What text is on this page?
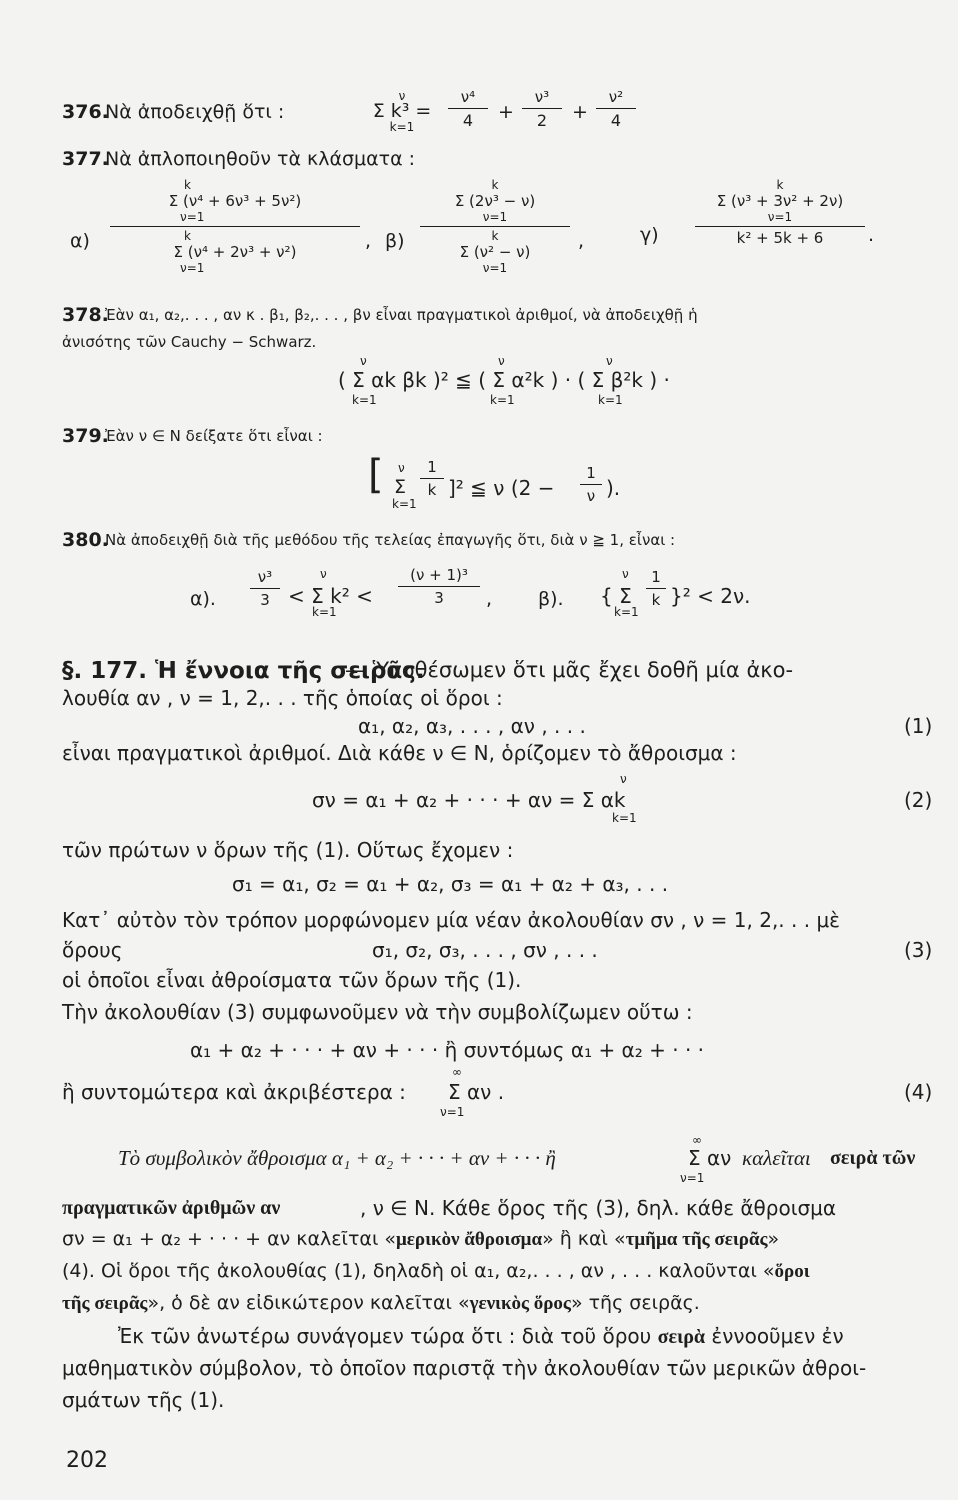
376.
Νὰ ἀποδειχθῇ ὅτι :
ν
Σ k³ =
k=1
ν⁴
4	+
ν³
2	+
ν²
4
377.
Νὰ ἀπλοποιηθοῦν τὰ κλάσματα :
α)
k
Σ (ν⁴ + 6ν³ + 5ν²)
ν=1
k
Σ (ν⁴ + 2ν³ + ν²)
ν=1
, β)
k
Σ (2ν³ − ν)
ν=1
k
Σ (ν² − ν)
ν=1
,	γ)
k
Σ (ν³ + 3ν² + 2ν)
ν=1
k² + 5k + 6	.
378.
Ἐὰν α₁, α₂,. . . , αν κ . β₁, β₂,. . . , βν εἶναι πραγματικοὶ ἀριθμοί, νὰ ἀποδειχθῇ ἡ
ἀνισότης τῶν Cauchy − Schwarz.
( Σ αk βk )² ≦ ( Σ α²k ) · ( Σ β²k ) ·
ν
k=1
ν
k=1
ν
k=1
379.
Ἐὰν ν ∈ N δείξατε ὅτι εἶναι :
[ ν
Σ
k=1
1
k ]² ≦ ν (2 −
1
ν ).
380.
Νὰ ἀποδειχθῇ διὰ τῆς μεθόδου τῆς τελείας ἐπαγωγῆς ὅτι, διὰ ν ≧ 1, εἶναι :
α).
ν³
3 < Σ k² <
ν
k=1
(ν + 1)³
3	, β). { Σ
ν
k=1
1
k }² < 2ν.
§. 177. Ἡ ἔννοια τῆς σειρᾶς.
— Ὑποθέσωμεν ὅτι μᾶς ἔχει δοθῆ μία ἀκο-
λουθία αν , ν = 1, 2,. . . τῆς ὁποίας οἱ ὅροι :
α₁, α₂, α₃, . . . , αν , . . .	(1)
εἶναι πραγματικοὶ ἀριθμοί. Διὰ κάθε ν ∈ N, ὁρίζομεν τὸ ἄθροισμα :
ν
σν = α₁ + α₂ + · · · + αν = Σ αk
k=1
(2)
τῶν πρώτων ν ὅρων τῆς (1). Οὕτως ἔχομεν :
σ₁ = α₁, σ₂ = α₁ + α₂, σ₃ = α₁ + α₂ + α₃, . . .
Κατ᾽ αὐτὸν τὸν τρόπον μορφώνομεν μία νέαν ἀκολουθίαν σν , ν = 1, 2,. . . μὲ
ὅρους	σ₁, σ₂, σ₃, . . . , σν , . . .	(3)
οἱ ὁποῖοι εἶναι ἀθροίσματα τῶν ὅρων τῆς (1).
Τὴν ἀκολουθίαν (3) συμφωνοῦμεν νὰ τὴν συμβολίζωμεν οὕτω :
α₁ + α₂ + · · · + αν + · · · ἢ συντόμως α₁ + α₂ + · · ·
∞
ἢ συντομώτερα καὶ ἀκριβέστερα : Σ αν .
ν=1
(4)
Τὸ συμβολικὸν ἄθροισμα α₁ + α₂ + · · · + αν + · · · ἢ
∞
Σ αν
ν=1
καλεῖται σειρὰ τῶν
πραγματικῶν ἀριθμῶν αν	, ν ∈ N. Κάθε ὅρος τῆς (3), δηλ. κάθε ἄθροισμα
σν = α₁ + α₂ + · · · + αν καλεῖται «μερικὸν ἄθροισμα» ἢ καὶ «τμῆμα τῆς σειρᾶς»
(4). Οἱ ὅροι τῆς ἀκολουθίας (1), δηλαδὴ οἱ α₁, α₂,. . . , αν , . . . καλοῦνται «ὅροι
τῆς σειρᾶς», ὁ δὲ αν εἰδικώτερον καλεῖται «γενικὸς ὅρος» τῆς σειρᾶς.
Ἐκ τῶν ἀνωτέρω συνάγομεν τώρα ὅτι : διὰ τοῦ ὅρου σειρὰ ἐννοοῦμεν ἐν
μαθηματικὸν σύμβολον, τὸ ὁποῖον παριστᾷ τὴν ἀκολουθίαν τῶν μερικῶν ἀθροι-
σμάτων τῆς (1).
202
